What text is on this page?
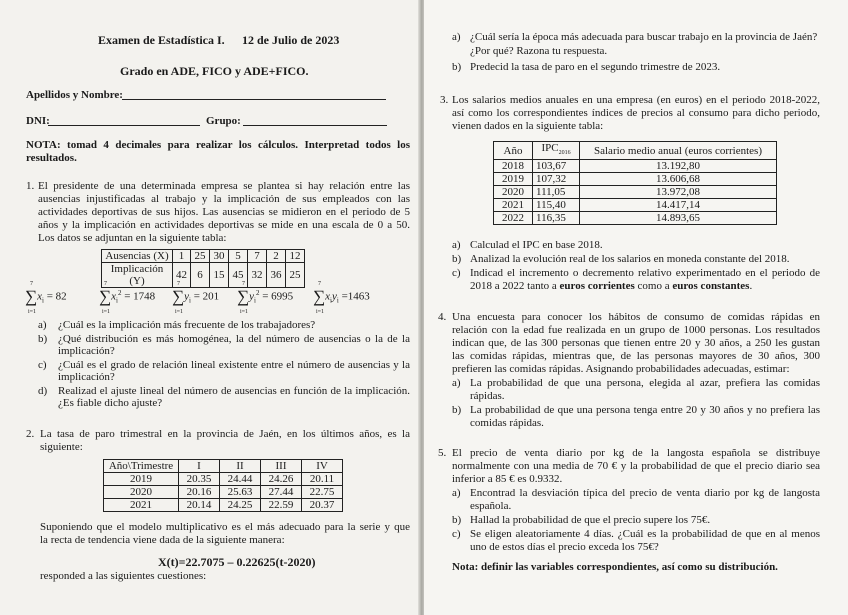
Examen de Estadística I. 12 de Julio de 2023
Grado en ADE, FICO y ADE+FICO.
Apellidos y Nombre:
DNI:	Grupo:
NOTA: tomad 4 decimales para realizar los cálculos. Interpretad todos los
resultados.
1. El presidente de una determinada empresa se plantea si hay relación entre las
ausencias injustificadas al trabajo y la implicación de sus empleados con las
actividades deportivas de sus hijos. Las ausencias se midieron en el periodo de 5
años y la implicación en actividades deportivas se mide en una escala de 0 a 50.
Los datos se adjuntan en la siguiente tabla:
Ausencias (X)	1	25	30	5	7	2	12
Implicación (Y)	42	6	15	45	32	36	25
7
$\sum x_i = 82$
i=1
7
$\sum x_i^2 = 1748$
i=1
7
$\sum y_i = 201$
i=1
7
$\sum y_i^2 = 6995$
i=1
7
$\sum x_iy_i =1463$
i=1
a) ¿Cuál es la implicación más frecuente de los trabajadores?
b) ¿Qué distribución es más homogénea, la del número de ausencias o la de la
implicación?
c) ¿Cuál es el grado de relación lineal existente entre el número de ausencias y la
implicación?
d) Realizad el ajuste lineal del número de ausencias en función de la implicación.
¿Es fiable dicho ajuste?
2. La tasa de paro trimestral en la provincia de Jaén, en los últimos años, es la
siguiente:
Año\Trimestre	I	II	III	IV
2019	20.35	24.44	24.26	20.11
2020	20.16	25.63	27.44	22.75
2021	20.14	24.25	22.59	20.37
Suponiendo que el modelo multiplicativo es el más adecuado para la serie y que
la recta de tendencia viene dada de la siguiente manera:
X(t)=22.7075 – 0.22625(t-2020)
responded a las siguientes cuestiones:
a) ¿Cuál sería la época más adecuada para buscar trabajo en la provincia de Jaén?
¿Por qué? Razona tu respuesta.
b) Predecid la tasa de paro en el segundo trimestre de 2023.
3. Los salarios medios anuales en una empresa (en euros) en el periodo 2018-2022,
así como los correspondientes índices de precios al consumo para dicho periodo,
vienen dados en la siguiente tabla:
Año	$IPC_{2016}$	Salario medio anual (euros corrientes)
2018	103,67	13.192,80
2019	107,32	13.606,68
2020	111,05	13.972,08
2021	115,40	14.417,14
2022	116,35	14.893,65
a) Calculad el IPC en base 2018.
b) Analizad la evolución real de los salarios en moneda constante del 2018.
c) Indicad el incremento o decremento relativo experimentado en el periodo de
2018 a 2022 tanto a euros corrientes como a euros constantes.
4. Una encuesta para conocer los hábitos de consumo de comidas rápidas en
relación con la edad fue realizada en un grupo de 1000 personas. Los resultados
indican que, de las 300 personas que tienen entre 20 y 30 años, a 250 les gustan
las comidas rápidas, mientras que, de las personas mayores de 30 años, 300
prefieren las comidas rápidas. Asignando probabilidades adecuadas, estimar:
a) La probabilidad de que una persona, elegida al azar, prefiera las comidas
rápidas.
b) La probabilidad de que una persona tenga entre 20 y 30 años y no prefiera las
comidas rápidas.
5. El precio de venta diario por kg de la langosta española se distribuye
normalmente con una media de 70 € y la probabilidad de que el precio diario sea
inferior a 85 € es 0.9332.
a) Encontrad la desviación típica del precio de venta diario por kg de langosta
española.
b) Hallad la probabilidad de que el precio supere los 75€.
c) Se eligen aleatoriamente 4 días. ¿Cuál es la probabilidad de que en al menos
uno de estos días el precio exceda los 75€?
Nota: definir las variables correspondientes, así como su distribución.
